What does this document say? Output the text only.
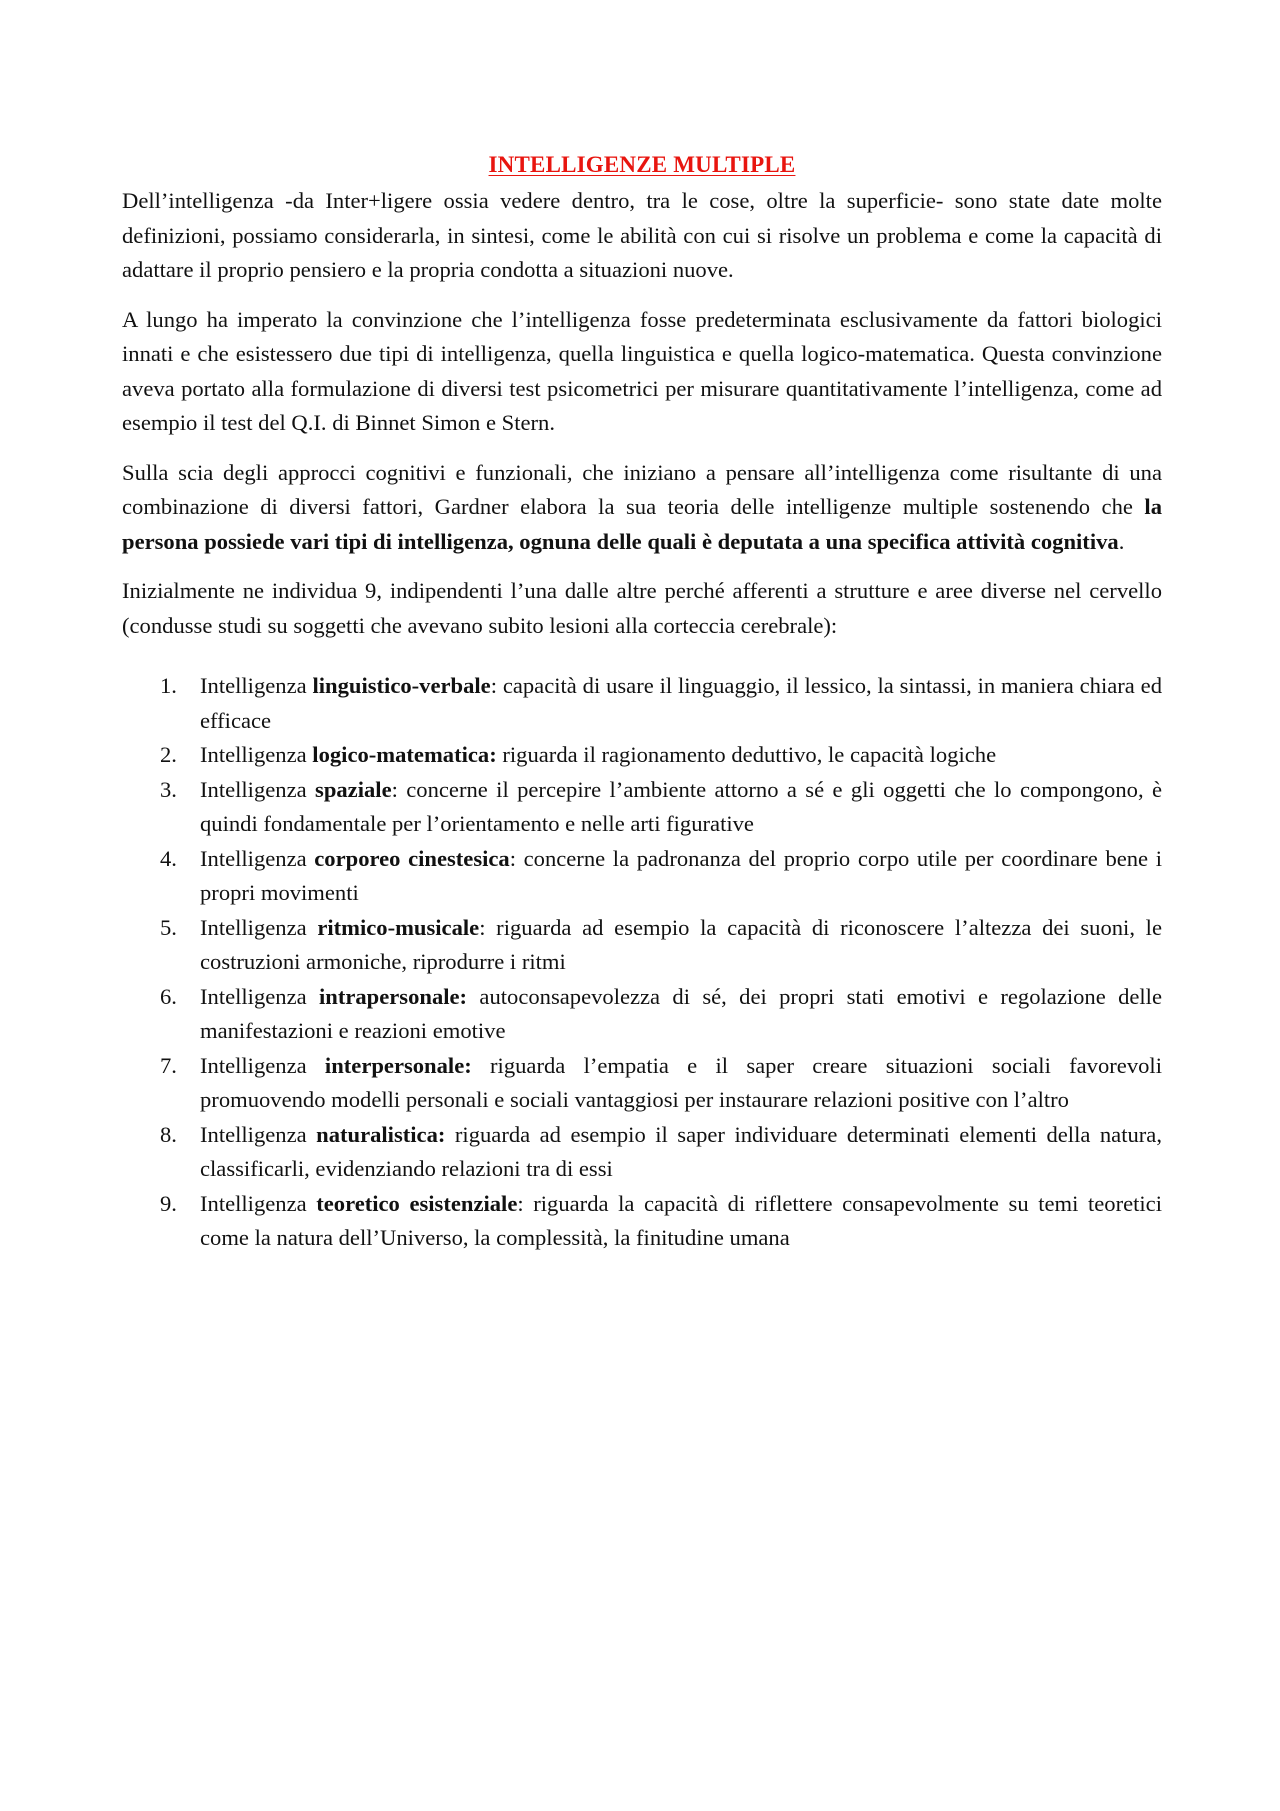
INTELLIGENZE MULTIPLE

Dell’intelligenza -da Inter+ligere ossia vedere dentro, tra le cose, oltre la superficie- sono state date molte definizioni, possiamo considerarla, in sintesi, come le abilità con cui si risolve un problema e come la capacità di adattare il proprio pensiero e la propria condotta a situazioni nuove.

A lungo ha imperato la convinzione che l’intelligenza fosse predeterminata esclusivamente da fattori biologici innati e che esistessero due tipi di intelligenza, quella linguistica e quella logico-matematica. Questa convinzione aveva portato alla formulazione di diversi test psicometrici per misurare quantitativamente l’intelligenza, come ad esempio il test del Q.I. di Binnet Simon e Stern.

Sulla scia degli approcci cognitivi e funzionali, che iniziano a pensare all’intelligenza come risultante di una combinazione di diversi fattori, Gardner elabora la sua teoria delle intelligenze multiple sostenendo che la persona possiede vari tipi di intelligenza, ognuna delle quali è deputata a una specifica attività cognitiva.

Inizialmente ne individua 9, indipendenti l’una dalle altre perché afferenti a strutture e aree diverse nel cervello (condusse studi su soggetti che avevano subito lesioni alla corteccia cerebrale):

1. Intelligenza linguistico-verbale: capacità di usare il linguaggio, il lessico, la sintassi, in maniera chiara ed efficace
2. Intelligenza logico-matematica: riguarda il ragionamento deduttivo, le capacità logiche
3. Intelligenza spaziale: concerne il percepire l’ambiente attorno a sé e gli oggetti che lo compongono, è quindi fondamentale per l’orientamento e nelle arti figurative
4. Intelligenza corporeo cinestesica: concerne la padronanza del proprio corpo utile per coordinare bene i propri movimenti
5. Intelligenza ritmico-musicale: riguarda ad esempio la capacità di riconoscere l’altezza dei suoni, le costruzioni armoniche, riprodurre i ritmi
6. Intelligenza intrapersonale: autoconsapevolezza di sé, dei propri stati emotivi e regolazione delle manifestazioni e reazioni emotive
7. Intelligenza interpersonale: riguarda l’empatia e il saper creare situazioni sociali favorevoli promuovendo modelli personali e sociali vantaggiosi per instaurare relazioni positive con l’altro
8. Intelligenza naturalistica: riguarda ad esempio il saper individuare determinati elementi della natura, classificarli, evidenziando relazioni tra di essi
9. Intelligenza teoretico esistenziale: riguarda la capacità di riflettere consapevolmente su temi teoretici come la natura dell’Universo, la complessità, la finitudine umana
